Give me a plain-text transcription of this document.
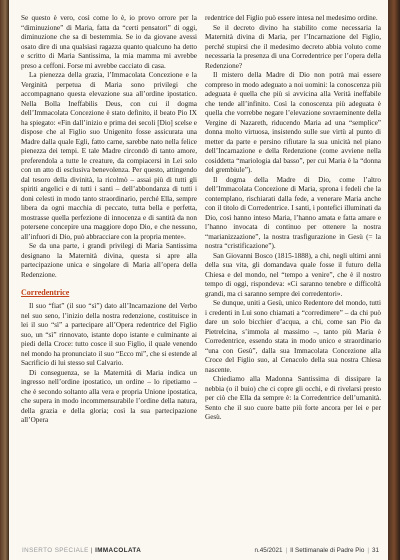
Se questo è vero, così come lo è, io provo orrore per la “diminuzione” di Maria, fatta da “certi pensatori” di oggi, diminuzione che sa di bestemmia. Se io da giovane avessi osato dire di una qualsiasi ragazza quanto qualcuno ha detto e scritto di Maria Santissima, la mia mamma mi avrebbe preso a ceffoni. Forse mi avrebbe cacciato di casa.

La pienezza della grazia, l’Immacolata Concezione e la Verginità perpetua di Maria sono privilegi che accompagnano questa elevazione sua all’ordine ipostatico. Nella Bolla Ineffabilis Deus, con cui il dogma dell’Immacolata Concezione è stato definito, il beato Pio IX ha spiegato: «Fin dall’inizio e prima dei secoli [Dio] scelse e dispose che al Figlio suo Unigenito fosse assicurata una Madre dalla quale Egli, fatto carne, sarebbe nato nella felice pienezza dei tempi. E tale Madre circondò di tanto amore, preferendola a tutte le creature, da compiacersi in Lei solo con un atto di esclusiva benevolenza. Per questo, attingendo dal tesoro della divinità, la ricolmò – assai più di tutti gli spiriti angelici e di tutti i santi – dell’abbondanza di tutti i doni celesti in modo tanto straordinario, perché Ella, sempre libera da ogni macchia di peccato, tutta bella e perfetta, mostrasse quella perfezione di innocenza e di santità da non potersene concepire una maggiore dopo Dio, e che nessuno, all’infuori di Dio, può abbracciare con la propria mente».

Se da una parte, i grandi privilegi di Maria Santissima designano la Maternità divina, questa si apre alla partecipazione unica e singolare di Maria all’opera della Redenzione.

Corredentrice

Il suo “fiat” (il suo “sì”) dato all’Incarnazione del Verbo nel suo seno, l’inizio della nostra redenzione, costituisce in lei il suo “sì” a partecipare all’Opera redentrice del Figlio suo, un “sì” rinnovato, istante dopo istante e culminante ai piedi della Croce: tutto cosce il suo Figlio, il quale venendo nel mondo ha pronunciato il suo “Ecco mi”, che si estende al Sacrificio di lui stesso sul Calvario.

Di conseguenza, se la Maternità di Maria indica un ingresso nell’ordine ipostatico, un ordine – lo ripetiamo – che è secondo soltanto alla vera e propria Unione ipostatica, che supera in modo incommensurabile l’ordine della natura, della grazia e della gloria; così la sua partecipazione all’Opera

redentrice del Figlio può essere intesa nel medesimo ordine.

Se il decreto divino ha stabilito come necessaria la Maternità divina di Maria, per l’Incarnazione del Figlio, perché stupirsi che il medesimo decreto abbia voluto come necessaria la presenza di una Corredentrice per l’opera della Redenzione?

Il mistero della Madre di Dio non potrà mai essere compreso in modo adeguato a noi uomini: la conoscenza più adeguata è quella che più si avvicina alla Verità ineffabile che tende all’infinito. Così la conoscenza più adeguata è quella che vorrebbe negare l’elevazione sovraeminente della Vergine di Nazareth, riducendo Maria ad una “semplice” donna molto virtuosa, insistendo sulle sue virtù al punto di metter da parte e persino rifiutare la sua unicità nel piano dell’Incarnazione e della Redenzione (come avviene nella cosiddetta “mariologia dal basso”, per cui Maria è la “donna del grembiule”).

Il dogma della Madre di Dio, come l’altro dell’Immacolata Concezione di Maria, sprona i fedeli che la contemplano, rischiarati dalla fede, a venerare Maria anche con il titolo di Corredentrice. I santi, i pontefici illuminati da Dio, così hanno inteso Maria, l’hanno amata e fatta amare e l’hanno invocata di continuo per ottenere la nostra “marianizzazione”, la nostra trasfigurazione in Gesù (= la nostra “cristificazione”).

San Giovanni Bosco (1815-1888), a chi, negli ultimi anni della sua vita, gli domandava quale fosse il futuro della Chiesa e del mondo, nel “tempo a venire”, che è il nostro tempo di oggi, rispondeva: «Ci saranno tenebre e difficoltà grandi, ma ci saranno sempre dei corredentori».

Se dunque, uniti a Gesù, unico Redentore del mondo, tutti i credenti in Lui sono chiamati a “corredimere” – da chi può dare un solo bicchier d’acqua, a chi, come san Pio da Pietrelcina, s’immola al massimo –, tanto più Maria è Corredentrice, essendo stata in modo unico e straordinario “una con Gesù”, dalla sua Immacolata Concezione alla Croce del Figlio suo, al Cenacolo della sua nostra Chiesa nascente.

Chiediamo alla Madonna Santissima di dissipare la nebbia (o il buio) che ci copre gli occhi, e di rivelarsi presto per ciò che Ella da sempre è: la Corredentrice dell’umanità. Sento che il suo cuore batte più forte ancora per lei e per Gesù.

INSERTO SPECIALE | IMMACOLATA	n.45/2021 | Il Settimanale di Padre Pio | 31
